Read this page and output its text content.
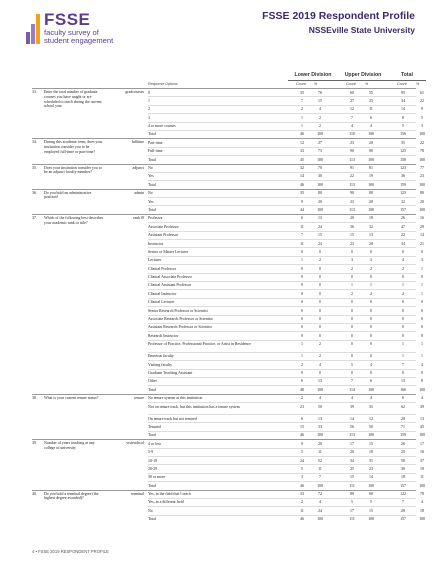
FSSE
faculty survey of
student engagement
FSSE 2019 Respondent Profile
NSSEville State University
Lower Division	Upper Division	Total
Response Options	Count %	Count	%	Count	%
33. Enter the total number of graduate courses you have taught or are scheduled to teach during the current school year.
gradcourses 0	35	76	60	55	95	61
1	7	15	27	25	34	22
2	2	4	12	11	14	9
3	1	2	7	6	8	5
4 or more courses	1	2	4	4	5	3
Total	46	100	110	100	156	100
34. During this academic term, does your institution consider you to be employed full-time or part-time?
fulltime Part-time	12	27	23	20	35	22
Full-time	33	73	90	80	125	78
Total	45	100	113	100	158	100
35. Does your institution consider you to be an adjunct faculty member?
adjunct No	32	70	91	81	123	77
Yes	14	30	22	19	36	23
Total	46	100	113	100	159	100
36. Do you hold an administrative position?
admin No	35	80	90	80	125	80
Yes	9	20	23	20	32	20
Total	44	100	113	100	157	100
37. Which of the following best describes your academic rank or title?
rank18 Professor	6	13	20	18	26	16
Associate Professor	11	24	36	32	47	29
Assistant Professor	7	15	15	13	22	14
Instructor	11	24	23	20	34	21
Senior or Master Lecturer	0	0	0	0	0	0
Lecturer	1	2	3	3	4	3
Clinical Professor	0	0	2	2	2	1
Clinical Associate Professor	0	0	0	0	0	0
Clinical Assistant Professor	0	0	1	1	1	1
Clinical Instructor	0	0	2	2	2	1
Clinical Lecturer	0	0	0	0	0	0
Senior Research Professor or Scientist	0	0	0	0	0	0
Associate Research Professor or Scientist	0	0	0	0	0	0
Assistant Research Professor or Scientist	0	0	0	0	0	0
Research Instructor	0	0	0	0	0	0
Professor of Practice, Professional Practice, or Artist in Residence	1	2	0	0	1	1
Emeritus faculty	1	2	0	0	1	1
Visiting faculty	2	4	5	4	7	4
Graduate Teaching Assistant	0	0	0	0	0	0
Other	6	13	7	6	13	8
Total	48	100	114	100	160	100
38. What is your current tenure status?	tenure No tenure system at this institution	2	4	4	4	6	4
Not on tenure track, but this institution has a tenure system	23	50	39	35	62	39
On tenure track but not tenured	6	13	14	12	20	13
Tenured	15	33	56	50	71	45
Total	46	100	113	100	159	100
39. Number of years teaching at any college or university
yrsteachcol 4 or less	9	20	17	15	26	17
5-9	5	11	20	18	25	16
10-19	24	52	34	31	58	37
20-29	5	11	25	23	30	19
30 or more	3	7	15	14	18	11
Total	46	100	111	100	157	100
40. Do you hold a terminal degree (the highest degree awarded)?
terminal Yes, in the field that I teach	33	72	89	80	122	78
Yes, in a different field	2	4	5	5	7	4
No	11	24	17	15	28	18
Total	46	100	111	100	157	100
4 • FSSE 2019 RESPONDENT PROFILE
